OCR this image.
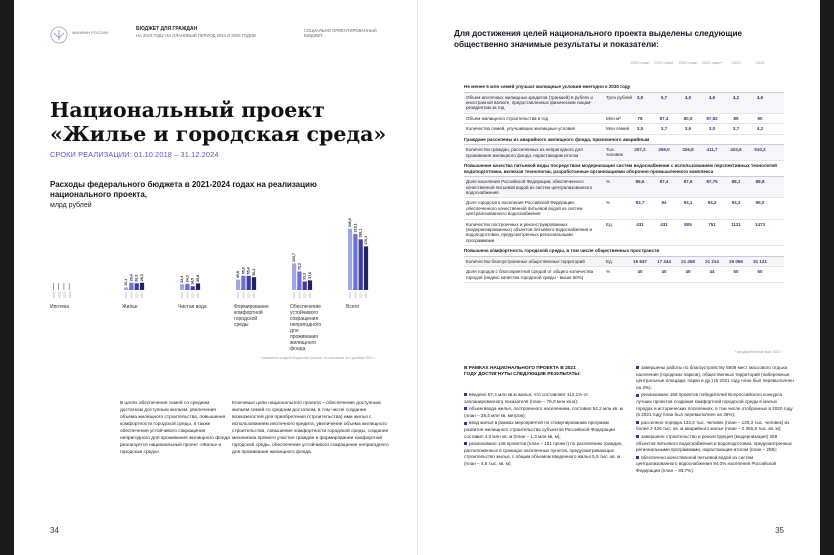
МИНФИН РОССИИ
БЮДЖЕТ ДЛЯ ГРАЖДАН
НА 2023 ГОДУ НА ПЛАНОВЫЙ ПЕРИОД 2024 И 2025 ГОДОВ
СОЦИАЛЬНО ОРИЕНТИРОВАННЫЙ БЮДЖЕТ
Национальный проект
«Жилье и городская среда»
СРОКИ РЕАЛИЗАЦИИ: 01.10.2018 – 31.12.2024
Расходы федерального бюджета в 2021-2024 годах на реализацию национального проекта,
млрд рублей
2021 2022 2023 2024
Ипотека
10,1
2021
28,4
2022
26,3
2023
28,3
2024
Жилье
22,4
2021
24,3
2022
14,5
2023
25,8
2024
Чистая вода
40,8
2021
55,6
2022
55,4
2023
50,2
2024
Формирование
комфортной
городской
среды
103,7
2021
72,2
2022
33,3
2023
37,6
2024
Обеспечение
устойчивого
сокращения
непригодного
для
проживания
жилищного
фонда
240,0
2021
219,1
2022
198,1
2023
170,3
2024
Всего
* показатели сводной бюджетной росписи, по состоянию на 1 декабря 2022 г.
В целях обеспечения семей со средним достатком доступным жильем, увеличения объема жилищного строительства, повышения комфортности городской среды, а также обеспечения устойчивого сокращения непригодного для проживания жилищного фонда реализуется национальный проект «Жилье и городская среда».
Ключевые цели национального проекта – обеспечение доступным жильем семей со средним достатком, в том числе создание возможностей для приобретения (строительства) ими жилья с использованием ипотечного кредита, увеличение объема жилищного строительства, повышение комфортности городской среды, создание механизма прямого участия граждан в формировании комфортной городской среды, обеспечение устойчивого сокращения непригодного для проживания жилищного фонда.
34
Для достижения целей национального проекта выделены следующие общественно значимые результаты и показатели:
2021 план	2021 факт	2022 план	2022 факт*	2023	2024
Не менее 5 млн семей улучшат жилищные условия ежегодно к 2030 году
Объем ипотечных жилищных кредитов (траншей) в рублях и иностранной валюте, предоставленных физическим лицам-резидентам за год
Трлн рублей	3,9	5,7	4,0	4,6	4,2	4,6
Объем жилищного строительства в год	Млн м²	78	87,4	80,0	87,82	85	90
Количество семей, улучшивших жилищные условия	Млн семей	3,5	3,7	3,6	3,0	3,7	4,2
Граждане расселены из аварийного жилищного фонда, признанного аварийным
Количество граждан, расселенных из непригодного для проживания жилищного фонда, нарастающим итогом
Тыс. человек
207,2	269,0	326,8	411,7	424,6	510,2
Повышение качества питьевой воды посредством модернизации систем водоснабжения с использованием перспективных технологий водоподготовки, включая технологии, разработанные организациями оборонно-промышленного комплекса
Доля населения Российской Федерации, обеспеченного качественной питьевой водой из систем централизованного водоснабжения
%	86,6	87,4	87,6	87,75	88,1	88,8
Доля городского населения Российской Федерации, обеспеченного качественной питьевой водой из систем централизованного водоснабжения
%	93,7	94	94,1	94,2	94,3	95,0
Количество построенных и реконструированных (модернизированных) объектов питьевого водоснабжения и водоподготовки, предусмотренных региональными программами
Ед.	431	431	805	751	1121	1473
Повышена комфортность городской среды, в том числе общественных пространств
Количество благоустроенных общественных территорий	Ед.	16 847	17 344	21 458	21 214	26 066	31 121
Доля городов с благоприятной средой от общего количества городов (индекс качества городской среды - выше 50%)
%	40	40	45	44	50	60
* предварительный факт 2022 г.
В РАМКАХ НАЦИОНАЛЬНОГО ПРОЕКТА В 2021 ГОДУ ДОСТИГНУТЫ СЛЕДУЮЩИЕ РЕЗУЛЬТАТЫ:
введено 87,4 млн кв.м жилья, что составляет 112,1% от запланированного показателя (план – 78,0 млн кв.м);
объем ввода жилья, построенного населением, составил 54,2 млн кв. м (план – 28,4 млн кв. метров);
ввод жилья в рамках мероприятия по стимулированию программ развития жилищного строительства субъектов Российской Федерации составил 4,0 млн кв. м (план – 1,3 млн кв. м);
реализовано 148 проектов (план – 151 проект) по расселению граждан, расположенных в границах населенных пунктов, предусматривающих строительство жилья, с общим объемом введенного жилья 5,5 тыс. кв. м (план – 4,8 тыс. кв. м).
завершены работы по благоустройству 5509 мест массового отдыха населения (городских парков), общественных территорий (набережные, центральные площади, парки и др.) (в 2021 году план был перевыполнен на 3%);
реализовано 158 проектов победителей Всероссийского конкурса лучших проектов создания комфортной городской среды в малых городах и исторических поселениях, в том числе отобранных в 2020 году (в 2021 году план был перевыполнен на 36%);
расселено порядка 132,6 тыс. человек (план – 130,3 тыс. человек) из более 2 426 тыс. кв. м аварийного жилья (план – 2 355,8 тыс. кв. м);
завершено строительство и реконструкция (модернизация) 259 объектов питьевого водоснабжения и водоподготовки, предусмотренных региональными программами, нарастающим итогом (план – 259);
обеспечено качественной питьевой водой из систем централизованного водоснабжения 94,0% населения Российской Федерации (план – 93,7%).
35
